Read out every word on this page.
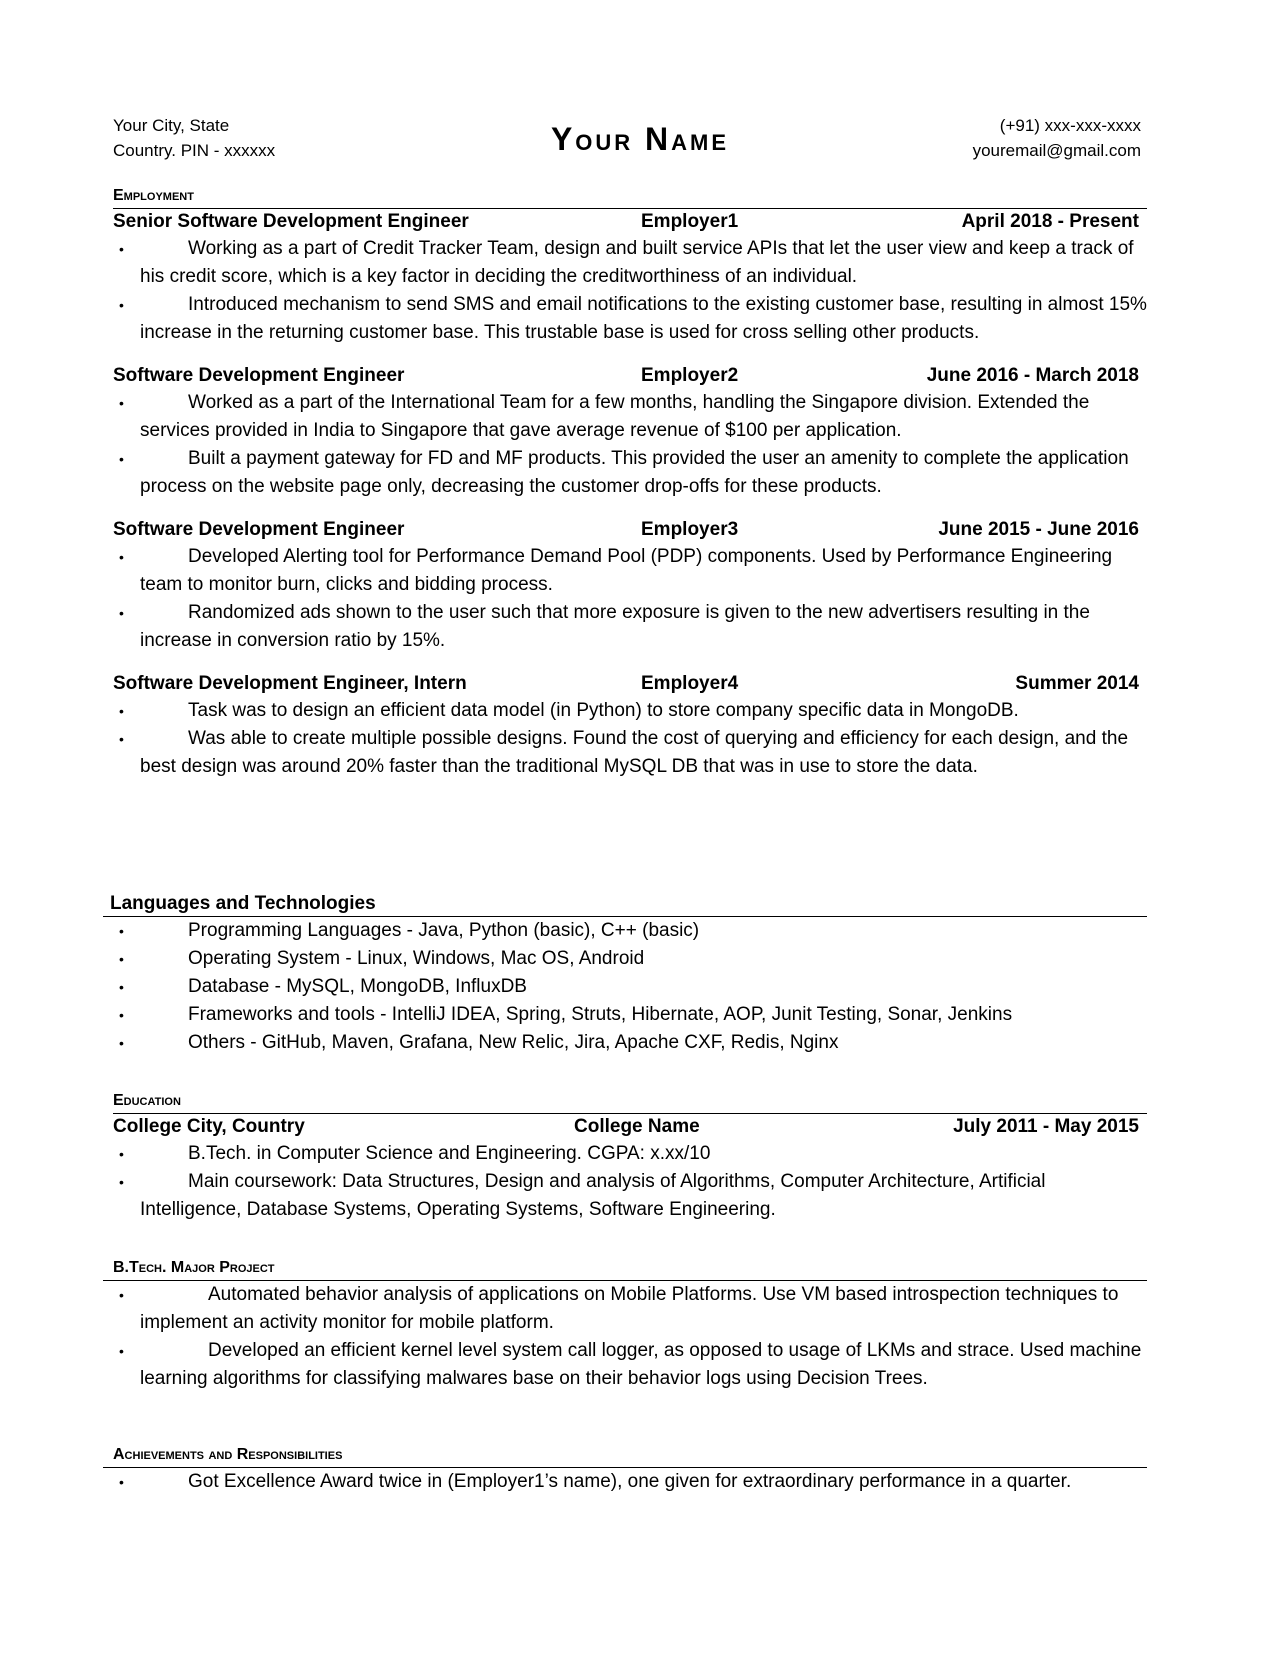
Your City, State
Country. PIN - xxxxxx	Your Name	(+91) xxx-xxx-xxxx
youremail@gmail.com
Employment
Senior Software Development Engineer	Employer1	April 2018 - Present
•	Working as a part of Credit Tracker Team, design and built service APIs that let the user view and keep a track of his credit score, which is a key factor in deciding the creditworthiness of an individual.
•	Introduced mechanism to send SMS and email notifications to the existing customer base, resulting in almost 15% increase in the returning customer base. This trustable base is used for cross selling other products.
Software Development Engineer	Employer2	June 2016 - March 2018
•	Worked as a part of the International Team for a few months, handling the Singapore division. Extended the services provided in India to Singapore that gave average revenue of $100 per application.
•	Built a payment gateway for FD and MF products. This provided the user an amenity to complete the application process on the website page only, decreasing the customer drop-offs for these products.
Software Development Engineer	Employer3	June 2015 - June 2016
•	Developed Alerting tool for Performance Demand Pool (PDP) components. Used by Performance Engineering team to monitor burn, clicks and bidding process.
•	Randomized ads shown to the user such that more exposure is given to the new advertisers resulting in the increase in conversion ratio by 15%.
Software Development Engineer, Intern	Employer4	Summer 2014
•	Task was to design an efficient data model (in Python) to store company specific data in MongoDB.
•	Was able to create multiple possible designs. Found the cost of querying and efficiency for each design, and the best design was around 20% faster than the traditional MySQL DB that was in use to store the data.
Languages and Technologies
•	Programming Languages - Java, Python (basic), C++ (basic)
•	Operating System - Linux, Windows, Mac OS, Android
•	Database - MySQL, MongoDB, InfluxDB
•	Frameworks and tools - IntelliJ IDEA, Spring, Struts, Hibernate, AOP, Junit Testing, Sonar, Jenkins
•	Others - GitHub, Maven, Grafana, New Relic, Jira, Apache CXF, Redis, Nginx
Education
College City, Country	College Name	July 2011 - May 2015
•	B.Tech. in Computer Science and Engineering. CGPA: x.xx/10
•	Main coursework: Data Structures, Design and analysis of Algorithms, Computer Architecture, Artificial Intelligence, Database Systems, Operating Systems, Software Engineering.
B.Tech. Major Project
•	Automated behavior analysis of applications on Mobile Platforms. Use VM based introspection techniques to implement an activity monitor for mobile platform.
•	Developed an efficient kernel level system call logger, as opposed to usage of LKMs and strace. Used machine learning algorithms for classifying malwares base on their behavior logs using Decision Trees.
Achievements and Responsibilities
•	Got Excellence Award twice in (Employer1’s name), one given for extraordinary performance in a quarter.
